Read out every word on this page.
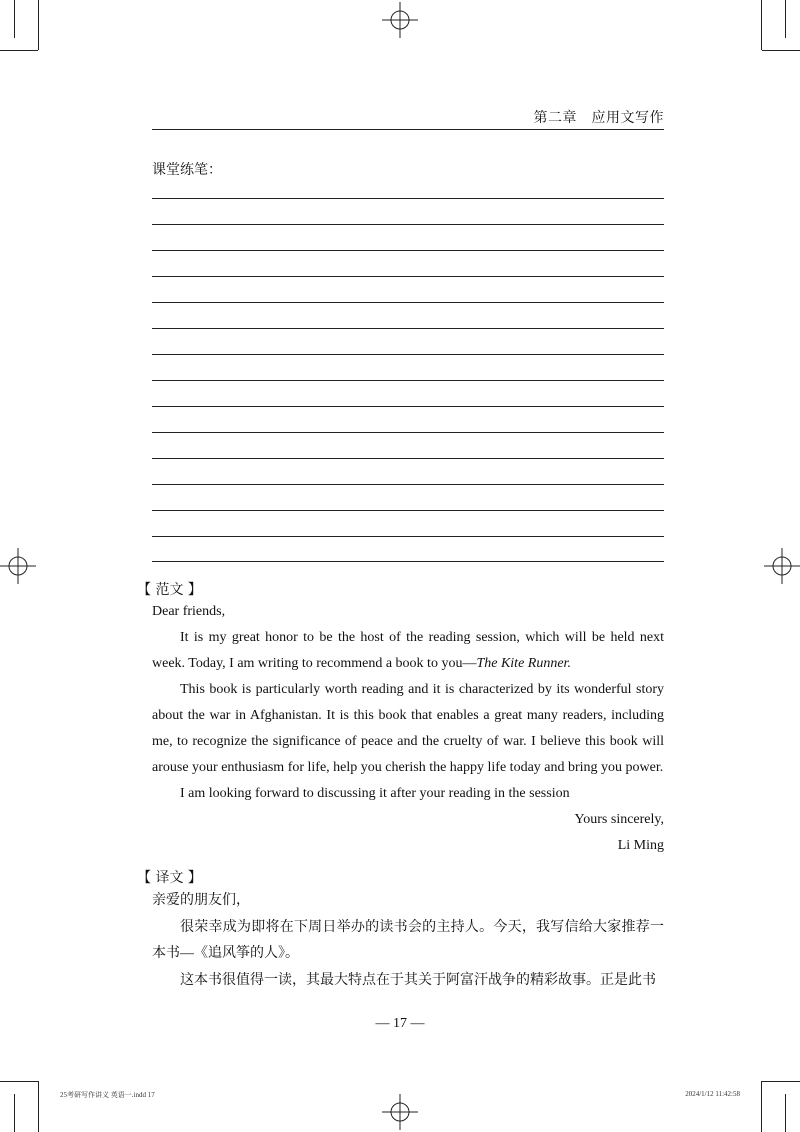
第二章　应用文写作
课堂练笔：
【 范文 】

Dear friends,

It is my great honor to be the host of the reading session, which will be held next week. Today, I am writing to recommend a book to you—The Kite Runner.

This book is particularly worth reading and it is characterized by its wonderful story about the war in Afghanistan. It is this book that enables a great many readers, including me, to recognize the significance of peace and the cruelty of war. I believe this book will arouse your enthusiasm for life, help you cherish the happy life today and bring you power.

I am looking forward to discussing it after your reading in the session

Yours sincerely,

Li Ming

【 译文 】

亲爱的朋友们，

很荣幸成为即将在下周日举办的读书会的主持人。今天，我写信给大家推荐一本书—《追风筝的人》。

这本书很值得一读，其最大特点在于其关于阿富汗战争的精彩故事。正是此书

— 17 —
25考研写作讲义 英语一.indd 17	2024/1/12 11:42:58
